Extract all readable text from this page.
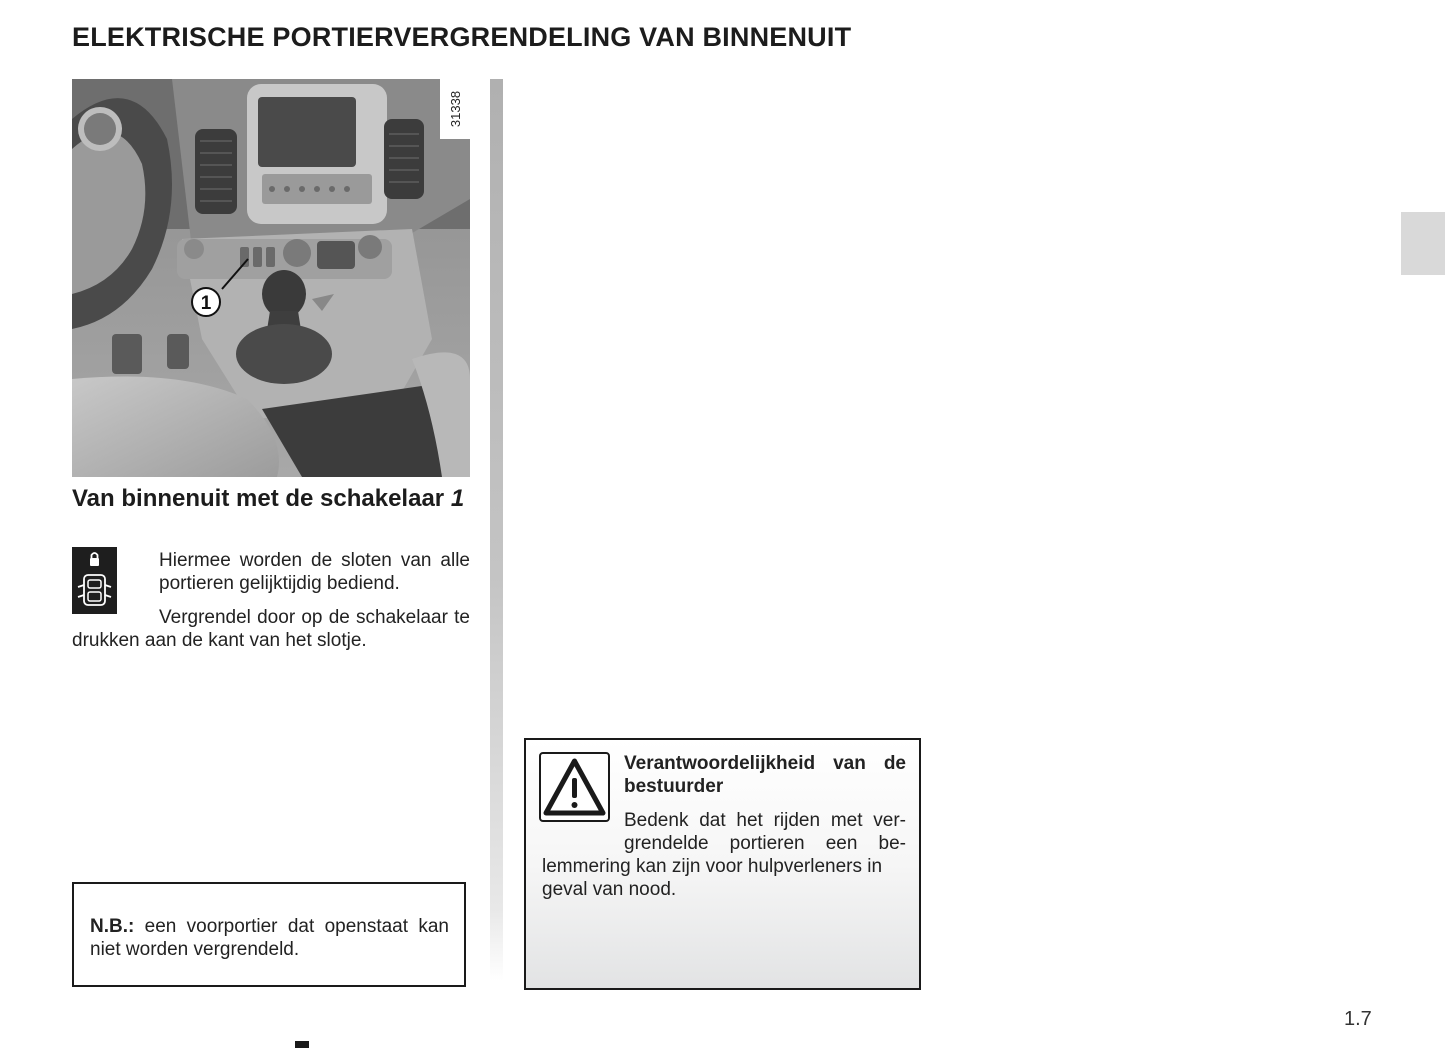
ELEKTRISCHE PORTIERVERGRENDELING VAN BINNENUIT
31338
1
Van binnenuit met de schakelaar 1
Hiermee worden de sloten van alle portieren gelijktijdig bediend.
Vergrendel door op de schakelaar te drukken aan de kant van het slotje.
N.B.: een voorportier dat openstaat kan niet worden vergrendeld.
Verantwoordelijkheid van de bestuurder
Bedenk dat het rijden met ver-
grendelde portieren een be-
lemmering kan zijn voor hulpverleners in geval van nood.
1.7
